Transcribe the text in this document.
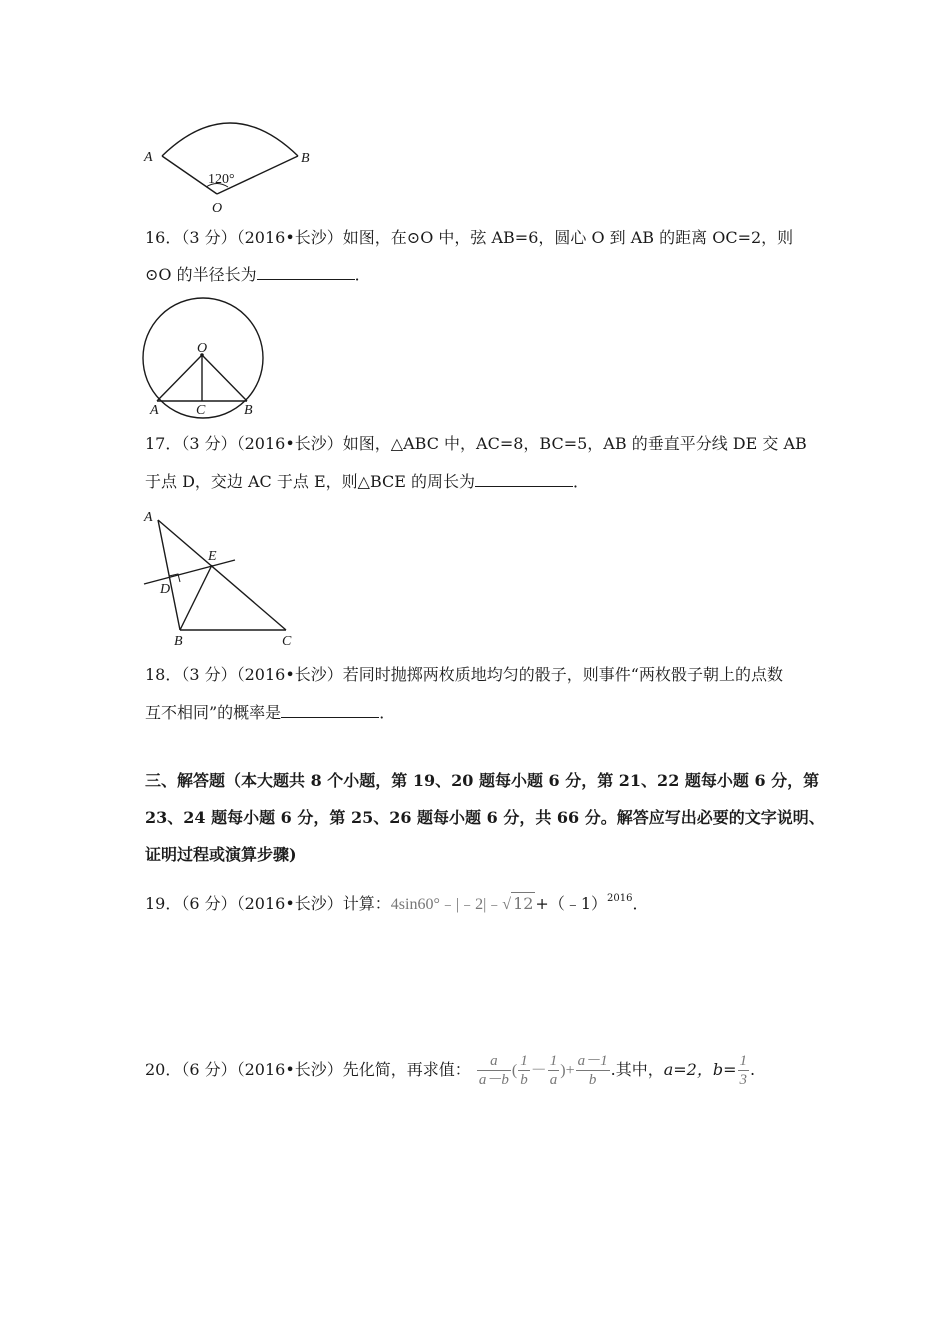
A	B
O
120°
16．（3 分）（2016•长沙）如图，在⊙O 中，弦 AB=6，圆心 O 到 AB 的距离 OC=2，则
⊙O 的半径长为	．
O
A	B
C
17．（3 分）（2016•长沙）如图，△ABC 中，AC=8，BC=5，AB 的垂直平分线 DE 交 AB
于点 D，交边 AC 于点 E，则△BCE 的周长为	．
A
B	C
D
E
18．（3 分）（2016•长沙）若同时抛掷两枚质地均匀的骰子，则事件“两枚骰子朝上的点数
互不相同”的概率是	．
三、解答题（本大题共 8 个小题，第 19、20 题每小题 6 分，第 21、22 题每小题 6 分，第
23、24 题每小题 6 分，第 25、26 题每小题 6 分，共 66 分。解答应写出必要的文字说明、
证明过程或演算步骤)
19．（6 分）（2016•长沙）计算：4sin60°﹣|﹣2|﹣√ 12 +（﹣1）$^{2016}$．
20．（6 分）（2016•长沙）先化简，再求值： $\frac{a}{a-b}$ ( $\frac{1}{b} - \frac{1}{a}$ )+ $\frac{a-1}{b}$ .其中，a=2，$b= \frac{1}{3}$ .
